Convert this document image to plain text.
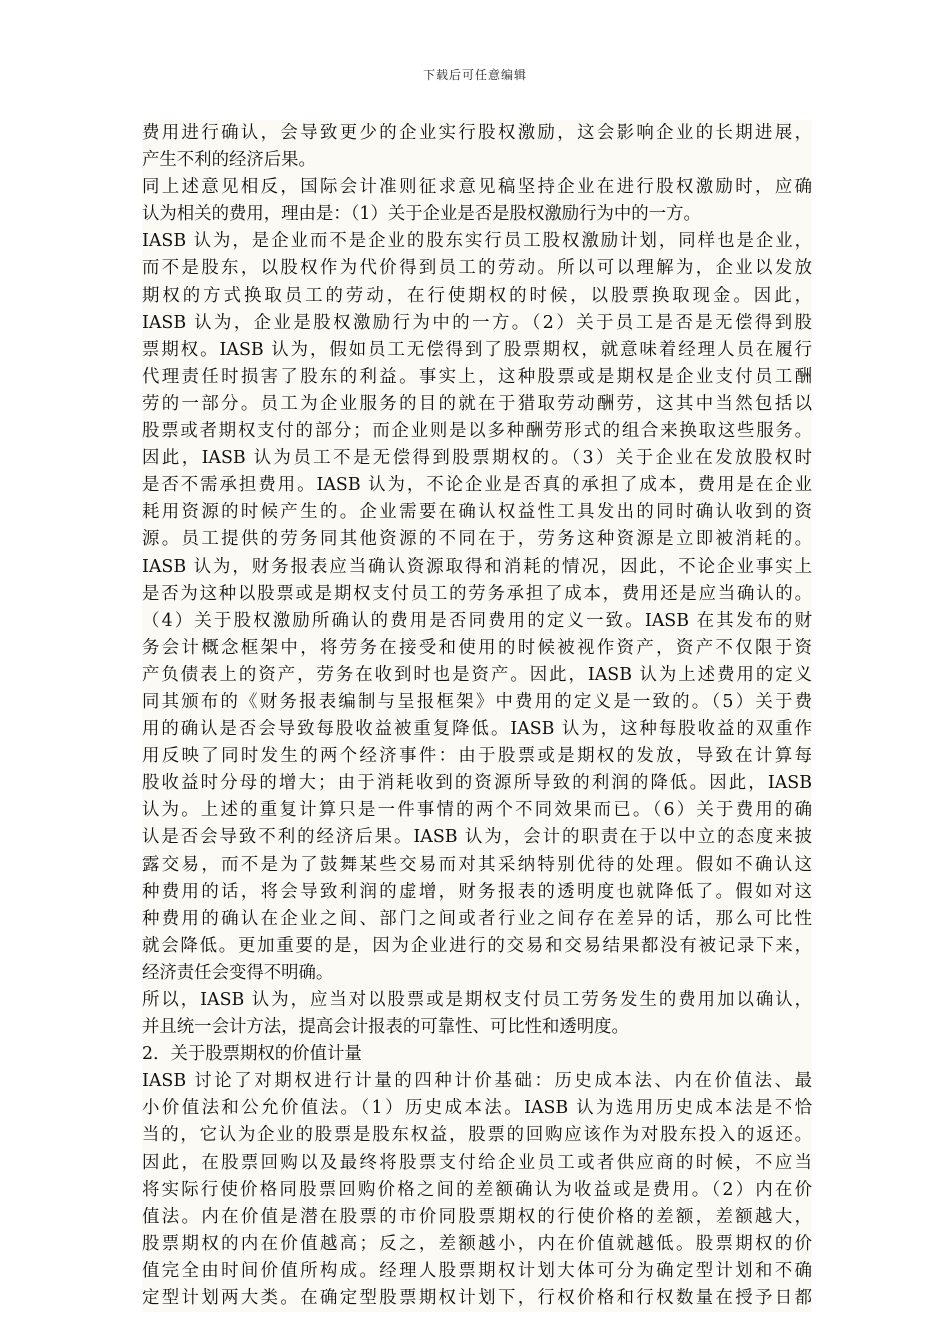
下载后可任意编辑
费用进行确认，会导致更少的企业实行股权激励，这会影响企业的长期进展，
产生不利的经济后果。
同上述意见相反，国际会计准则征求意见稿坚持企业在进行股权激励时，应确
认为相关的费用，理由是：（1）关于企业是否是股权激励行为中的一方。
IASB 认为，是企业而不是企业的股东实行员工股权激励计划，同样也是企业，
而不是股东，以股权作为代价得到员工的劳动。所以可以理解为，企业以发放
期权的方式换取员工的劳动，在行使期权的时候，以股票换取现金。因此，
IASB 认为，企业是股权激励行为中的一方。（2）关于员工是否是无偿得到股
票期权。IASB 认为，假如员工无偿得到了股票期权，就意味着经理人员在履行
代理责任时损害了股东的利益。事实上，这种股票或是期权是企业支付员工酬
劳的一部分。员工为企业服务的目的就在于猎取劳动酬劳，这其中当然包括以
股票或者期权支付的部分；而企业则是以多种酬劳形式的组合来换取这些服务。
因此，IASB 认为员工不是无偿得到股票期权的。（3）关于企业在发放股权时
是否不需承担费用。IASB 认为，不论企业是否真的承担了成本，费用是在企业
耗用资源的时候产生的。企业需要在确认权益性工具发出的同时确认收到的资
源。员工提供的劳务同其他资源的不同在于，劳务这种资源是立即被消耗的。
IASB 认为，财务报表应当确认资源取得和消耗的情况，因此，不论企业事实上
是否为这种以股票或是期权支付员工的劳务承担了成本，费用还是应当确认的。
（4）关于股权激励所确认的费用是否同费用的定义一致。IASB 在其发布的财
务会计概念框架中，将劳务在接受和使用的时候被视作资产，资产不仅限于资
产负债表上的资产，劳务在收到时也是资产。因此，IASB 认为上述费用的定义
同其颁布的《财务报表编制与呈报框架》中费用的定义是一致的。（5）关于费
用的确认是否会导致每股收益被重复降低。IASB 认为，这种每股收益的双重作
用反映了同时发生的两个经济事件：由于股票或是期权的发放，导致在计算每
股收益时分母的增大；由于消耗收到的资源所导致的利润的降低。因此，IASB
认为。上述的重复计算只是一件事情的两个不同效果而已。（6）关于费用的确
认是否会导致不利的经济后果。IASB 认为，会计的职责在于以中立的态度来披
露交易，而不是为了鼓舞某些交易而对其采纳特别优待的处理。假如不确认这
种费用的话，将会导致利润的虚增，财务报表的透明度也就降低了。假如对这
种费用的确认在企业之间、部门之间或者行业之间存在差异的话，那么可比性
就会降低。更加重要的是，因为企业进行的交易和交易结果都没有被记录下来，
经济责任会变得不明确。
所以，IASB 认为，应当对以股票或是期权支付员工劳务发生的费用加以确认，
并且统一会计方法，提高会计报表的可靠性、可比性和透明度。
2．关于股票期权的价值计量
IASB 讨论了对期权进行计量的四种计价基础：历史成本法、内在价值法、最
小价值法和公允价值法。（1）历史成本法。IASB 认为选用历史成本法是不恰
当的，它认为企业的股票是股东权益，股票的回购应该作为对股东投入的返还。
因此，在股票回购以及最终将股票支付给企业员工或者供应商的时候，不应当
将实际行使价格同股票回购价格之间的差额确认为收益或是费用。（2）内在价
值法。内在价值是潜在股票的市价同股票期权的行使价格的差额，差额越大，
股票期权的内在价值越高；反之，差额越小，内在价值就越低。股票期权的价
值完全由时间价值所构成。经理人股票期权计划大体可分为确定型计划和不确
定型计划两大类。在确定型股票期权计划下，行权价格和行权数量在授予日都
